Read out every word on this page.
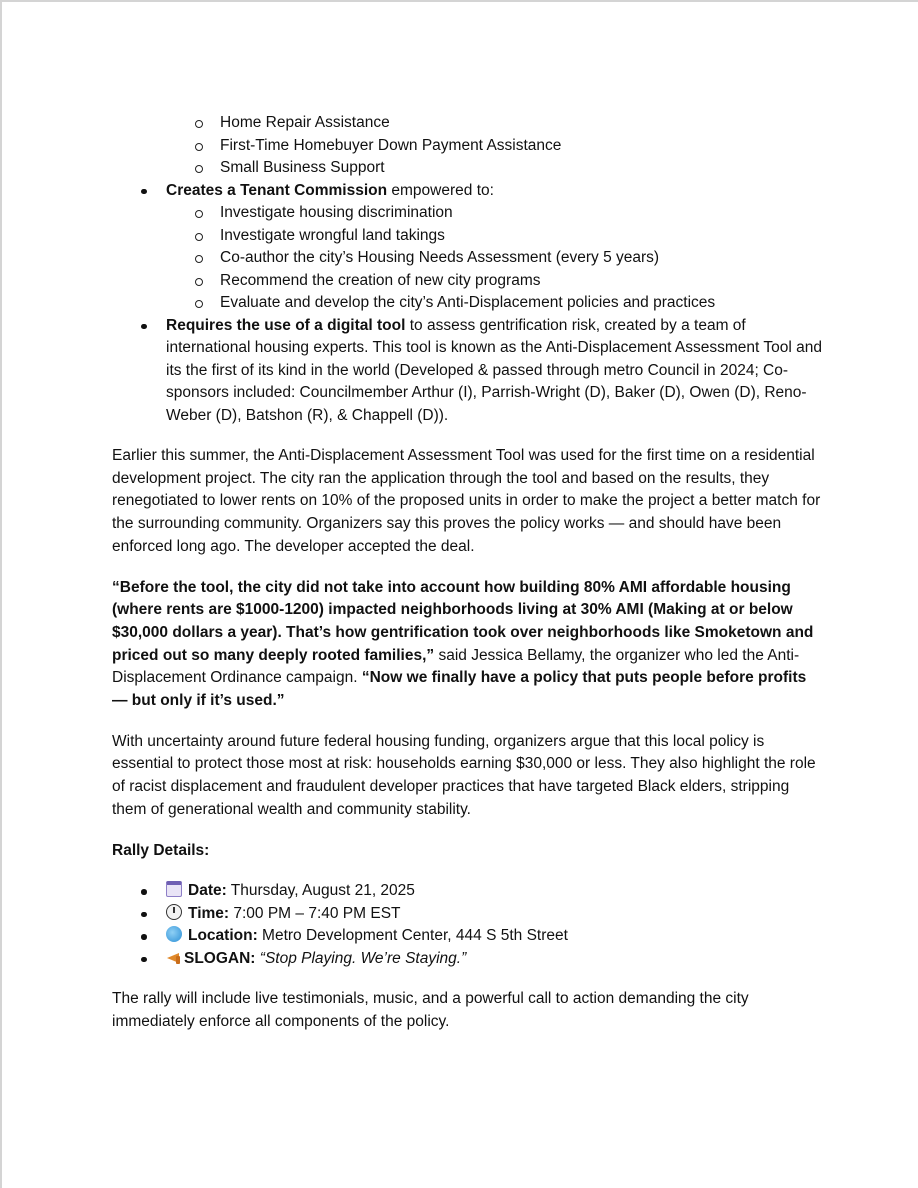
Home Repair Assistance
First-Time Homebuyer Down Payment Assistance
Small Business Support
Creates a Tenant Commission empowered to:
Investigate housing discrimination
Investigate wrongful land takings
Co-author the city’s Housing Needs Assessment (every 5 years)
Recommend the creation of new city programs
Evaluate and develop the city’s Anti-Displacement policies and practices
Requires the use of a digital tool to assess gentrification risk, created by a team of international housing experts. This tool is known as the Anti-Displacement Assessment Tool and its the first of its kind in the world (Developed & passed through metro Council in 2024; Co-sponsors included: Councilmember Arthur (I), Parrish-Wright (D), Baker (D), Owen (D), Reno-Weber (D), Batshon (R), & Chappell (D)).

Earlier this summer, the Anti-Displacement Assessment Tool was used for the first time on a residential development project. The city ran the application through the tool and based on the results, they renegotiated to lower rents on 10% of the proposed units in order to make the project a better match for the surrounding community. Organizers say this proves the policy works — and should have been enforced long ago. The developer accepted the deal.

“Before the tool, the city did not take into account how building 80% AMI affordable housing (where rents are $1000-1200) impacted neighborhoods living at 30% AMI (Making at or below $30,000 dollars a year). That’s how gentrification took over neighborhoods like Smoketown and priced out so many deeply rooted families,” said Jessica Bellamy, the organizer who led the Anti-Displacement Ordinance campaign. “Now we finally have a policy that puts people before profits — but only if it’s used.”

With uncertainty around future federal housing funding, organizers argue that this local policy is essential to protect those most at risk: households earning $30,000 or less. They also highlight the role of racist displacement and fraudulent developer practices that have targeted Black elders, stripping them of generational wealth and community stability.

Rally Details:

Date: Thursday, August 21, 2025
Time: 7:00 PM – 7:40 PM EST
Location: Metro Development Center, 444 S 5th Street
SLOGAN: “Stop Playing. We’re Staying.”

The rally will include live testimonials, music, and a powerful call to action demanding the city immediately enforce all components of the policy.
